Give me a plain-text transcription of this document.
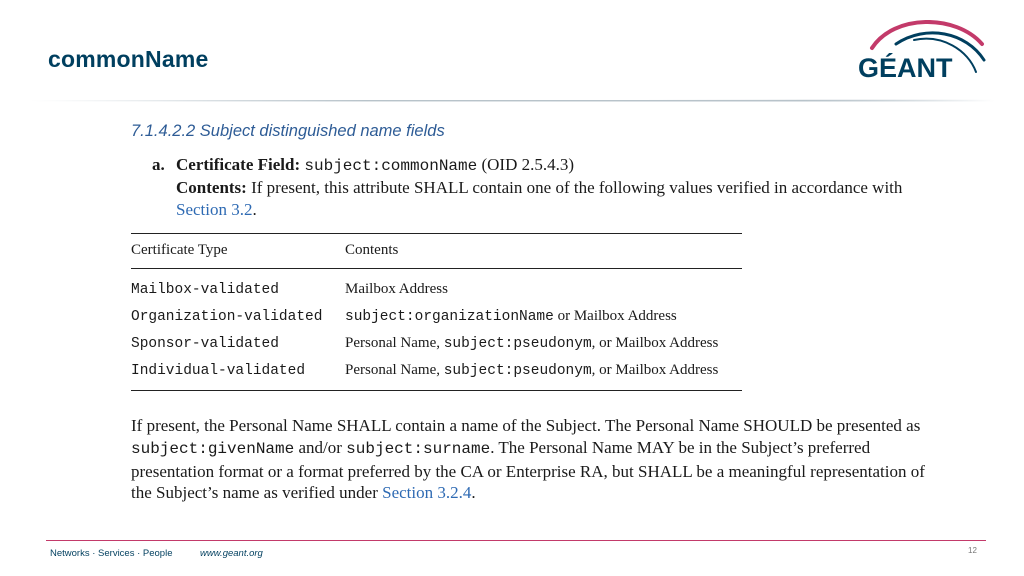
commonName	GÉANT
7.1.4.2.2 Subject distinguished name fields
a. Certificate Field: subject:commonName (OID 2.5.4.3)
Contents: If present, this attribute SHALL contain one of the following values verified in accordance with Section 3.2.
Certificate Type	Contents
Mailbox-validated	Mailbox Address
Organization-validated	subject:organizationName or Mailbox Address
Sponsor-validated	Personal Name, subject:pseudonym, or Mailbox Address
Individual-validated	Personal Name, subject:pseudonym, or Mailbox Address
If present, the Personal Name SHALL contain a name of the Subject. The Personal Name SHOULD be presented as subject:givenName and/or subject:surname. The Personal Name MAY be in the Subject’s preferred presentation format or a format preferred by the CA or Enterprise RA, but SHALL be a meaningful representation of the Subject’s name as verified under Section 3.2.4.
Networks · Services · People	www.geant.org	12
